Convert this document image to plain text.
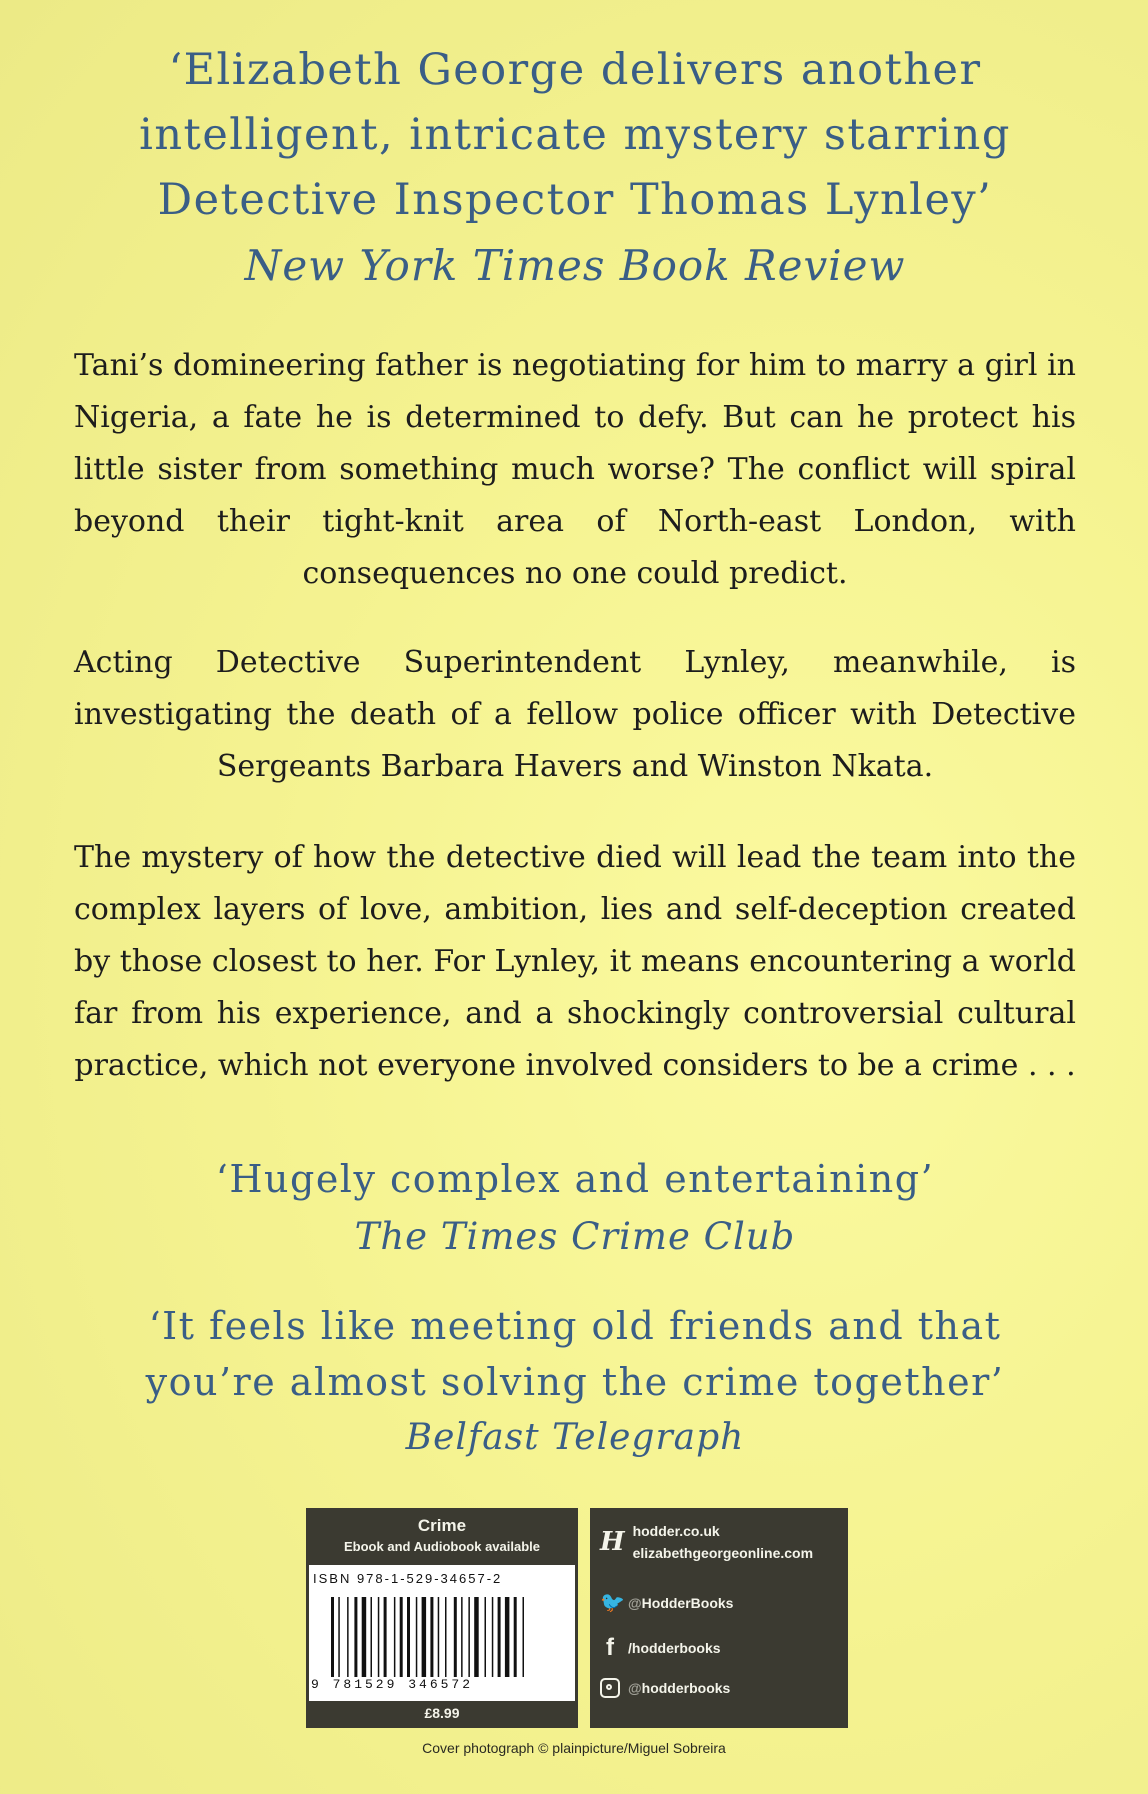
‘Elizabeth George delivers another
intelligent, intricate mystery starring
Detective Inspector Thomas Lynley’
New York Times Book Review

Tani’s domineering father is negotiating for him to marry a girl in Nigeria, a fate he is determined to defy. But can he protect his little sister from something much worse? The conflict will spiral beyond their tight-knit area of North-east London, with consequences no one could predict.

Acting Detective Superintendent Lynley, meanwhile, is investigating the death of a fellow police officer with Detective Sergeants Barbara Havers and Winston Nkata.

The mystery of how the detective died will lead the team into the complex layers of love, ambition, lies and self-deception created by those closest to her. For Lynley, it means encountering a world far from his experience, and a shockingly controversial cultural practice, which not everyone involved considers to be a crime . . .

‘Hugely complex and entertaining’
The Times Crime Club
‘It feels like meeting old friends and that
you’re almost solving the crime together’
Belfast Telegraph
Crime
Ebook and Audiobook available
ISBN 978-1-529-34657-2
9 781529 346572
£8.99
H hodder.co.uk
elizabethgeorgeonline.com
🐦 @HodderBooks
f	/hodderbooks
@hodderbooks
Cover photograph © plainpicture/Miguel Sobreira
